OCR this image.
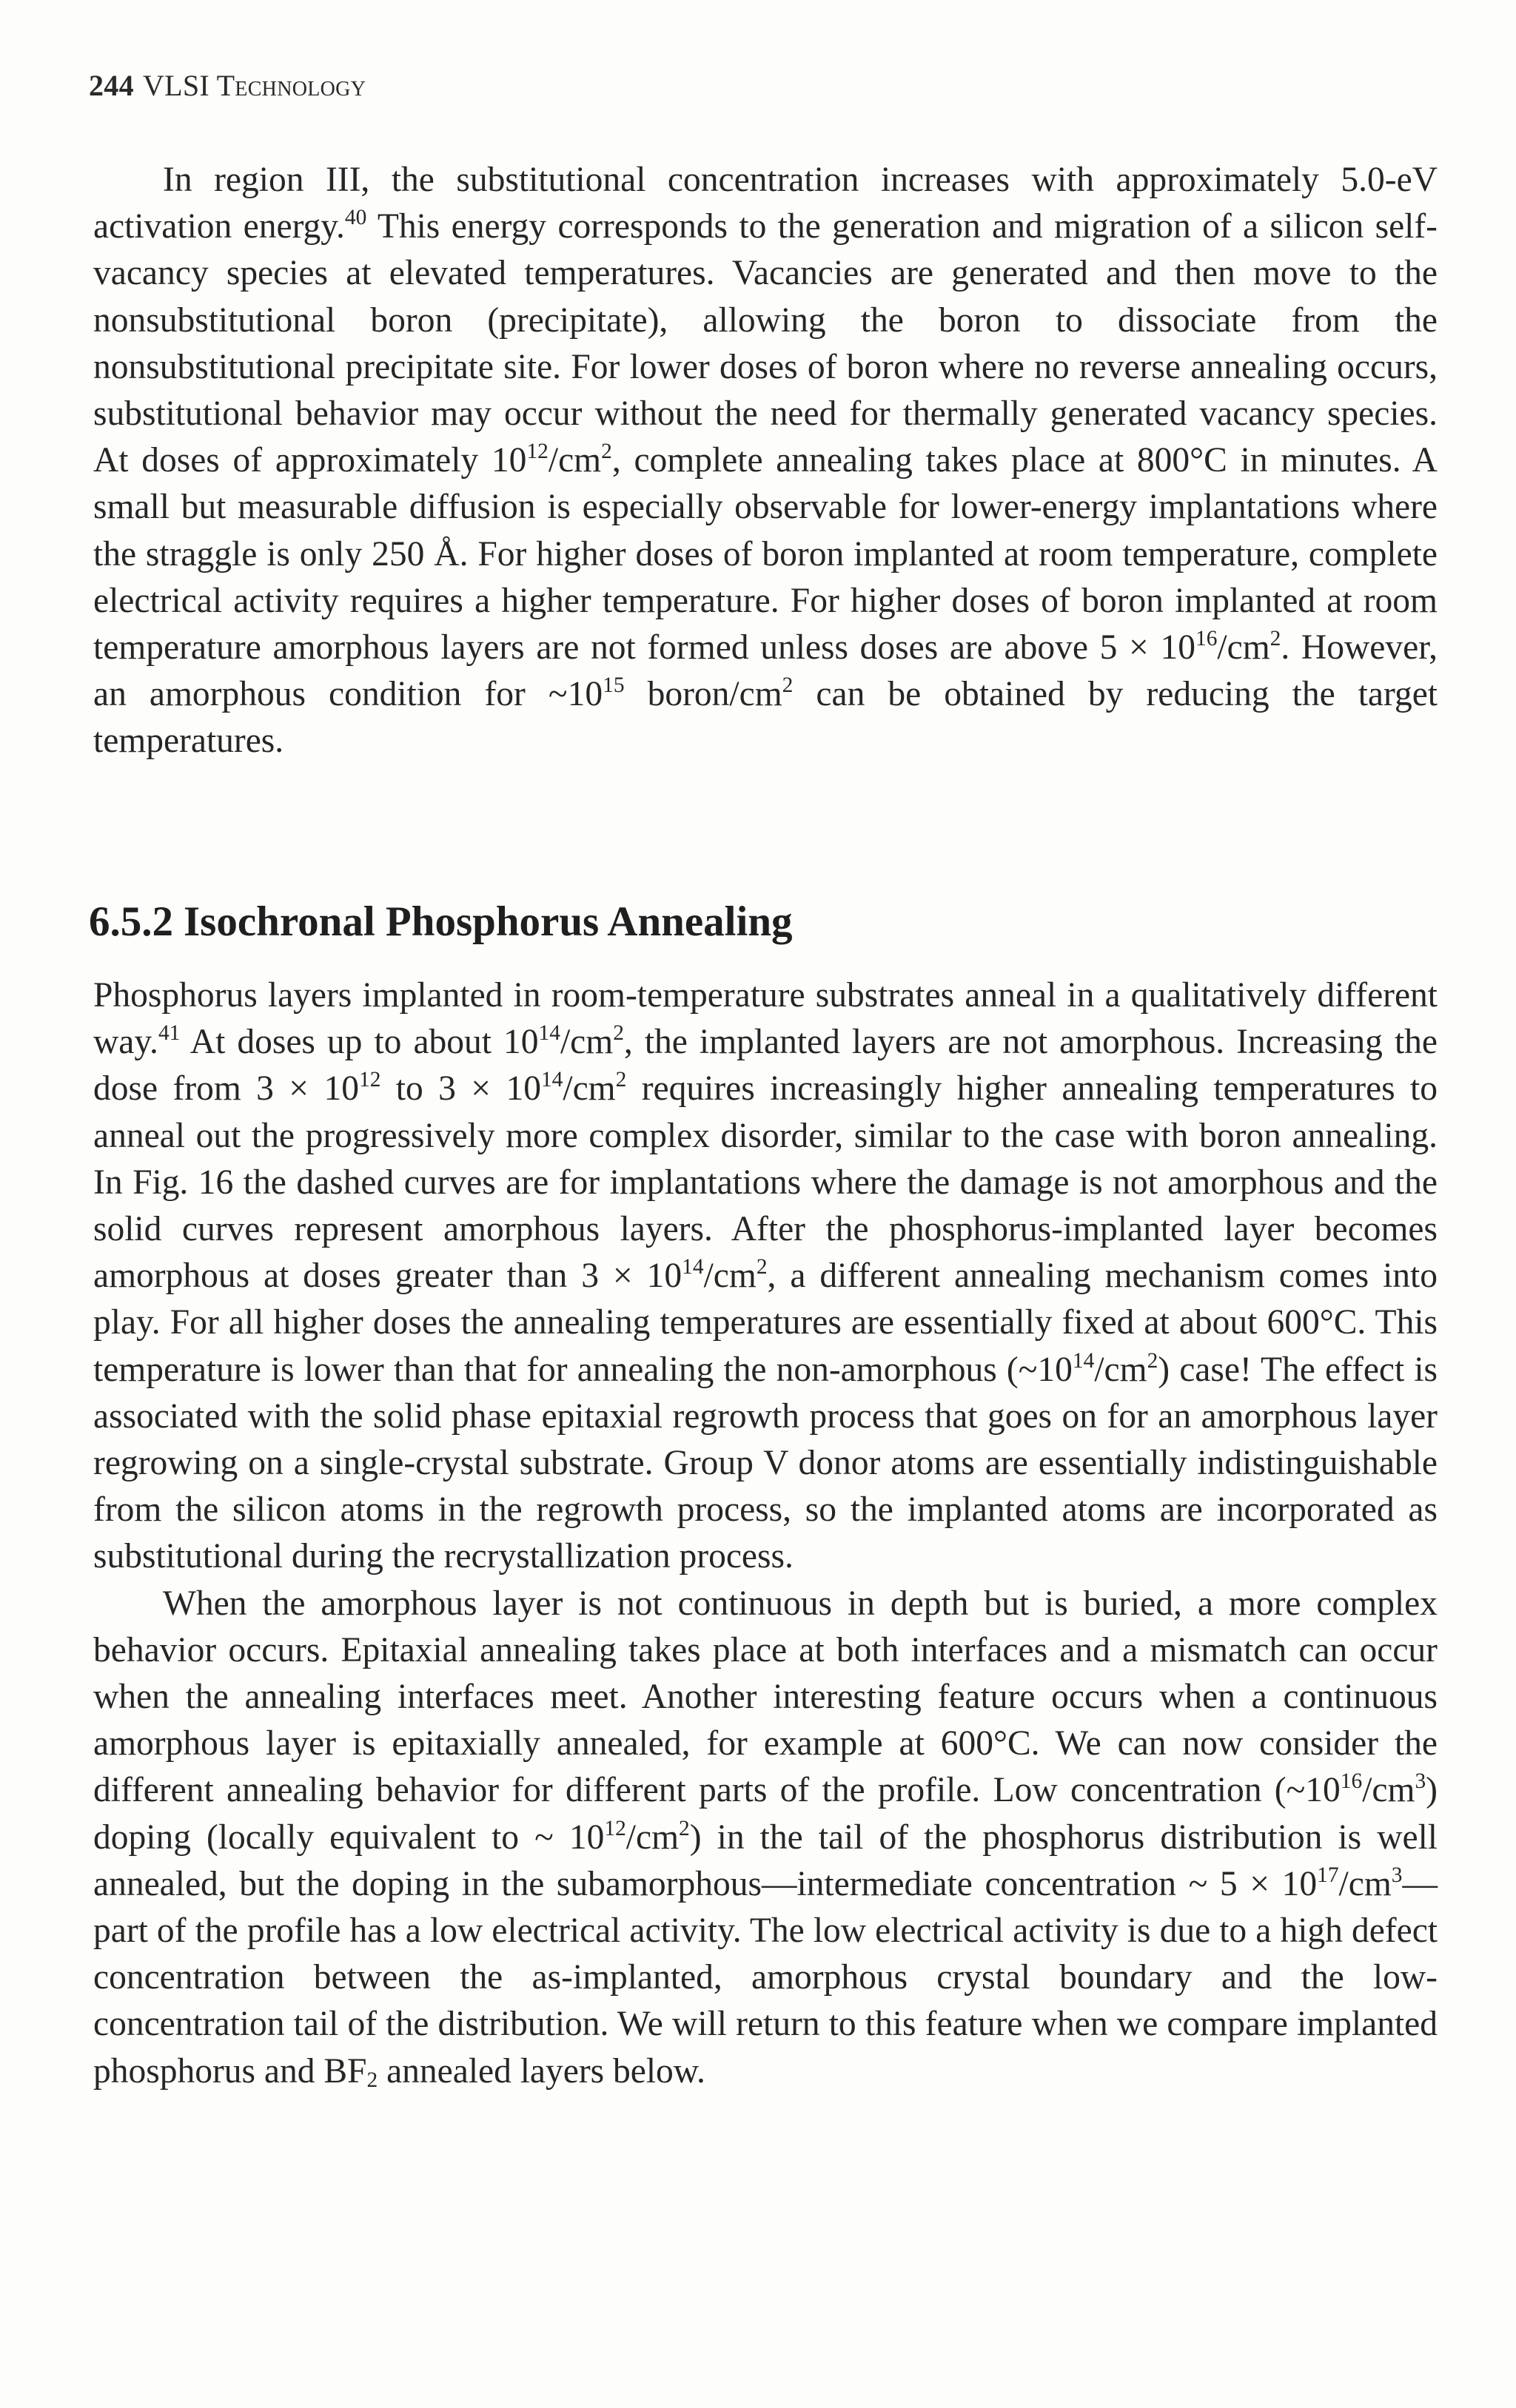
244 VLSI Technology

In region III, the substitutional concentration increases with approximately 5.0-eV activation energy.$^{40}$ This energy corresponds to the generation and migration of a silicon self-vacancy species at elevated temperatures. Vacancies are generated and then move to the nonsubstitutional boron (precipitate), allowing the boron to dissociate from the nonsubstitutional precipitate site. For lower doses of boron where no reverse annealing occurs, substitutional behavior may occur without the need for thermally generated vacancy species. At doses of approximately $10^{12}/cm^2$, complete annealing takes place at 800°C in minutes. A small but measurable diffusion is especially observable for lower-energy implantations where the straggle is only 250 Å. For higher doses of boron implanted at room temperature, complete electrical activity requires a higher temperature. For higher doses of boron implanted at room temperature amorphous layers are not formed unless doses are above $5 \times 10^{16}/cm^2$. However, an amorphous condition for $\sim 10^{15}$ boron/$cm^2$ can be obtained by reducing the target temperatures.

6.5.2 Isochronal Phosphorus Annealing

Phosphorus layers implanted in room-temperature substrates anneal in a qualitatively different way.$^{41}$ At doses up to about $10^{14}/cm^2$, the implanted layers are not amorphous. Increasing the dose from $3 \times 10^{12}$ to $3 \times 10^{14}/cm^2$ requires increasingly higher annealing temperatures to anneal out the progressively more complex disorder, similar to the case with boron annealing. In Fig. 16 the dashed curves are for implantations where the damage is not amorphous and the solid curves represent amorphous layers. After the phosphorus-implanted layer becomes amorphous at doses greater than $3 \times 10^{14}/cm^2$, a different annealing mechanism comes into play. For all higher doses the annealing temperatures are essentially fixed at about 600°C. This temperature is lower than that for annealing the non-amorphous $(\sim 10^{14}/cm^2)$ case! The effect is associated with the solid phase epitaxial regrowth process that goes on for an amorphous layer regrowing on a single-crystal substrate. Group V donor atoms are essentially indistinguishable from the silicon atoms in the regrowth process, so the implanted atoms are incorporated as substitutional during the recrystallization process.

When the amorphous layer is not continuous in depth but is buried, a more complex behavior occurs. Epitaxial annealing takes place at both interfaces and a mismatch can occur when the annealing interfaces meet. Another interesting feature occurs when a continuous amorphous layer is epitaxially annealed, for example at 600°C. We can now consider the different annealing behavior for different parts of the profile. Low concentration $(\sim 10^{16}/cm^3)$ doping (locally equivalent to ~ $10^{12}/cm^2$) in the tail of the phosphorus distribution is well annealed, but the doping in the subamorphous—intermediate concentration ~ $5 \times 10^{17}/cm^3—part$ of the profile has a low electrical activity. The low electrical activity is due to a high defect concentration between the as-implanted, amorphous crystal boundary and the low-concentration tail of the distribution. We will return to this feature when we compare implanted phosphorus and $BF_2$ annealed layers below.
